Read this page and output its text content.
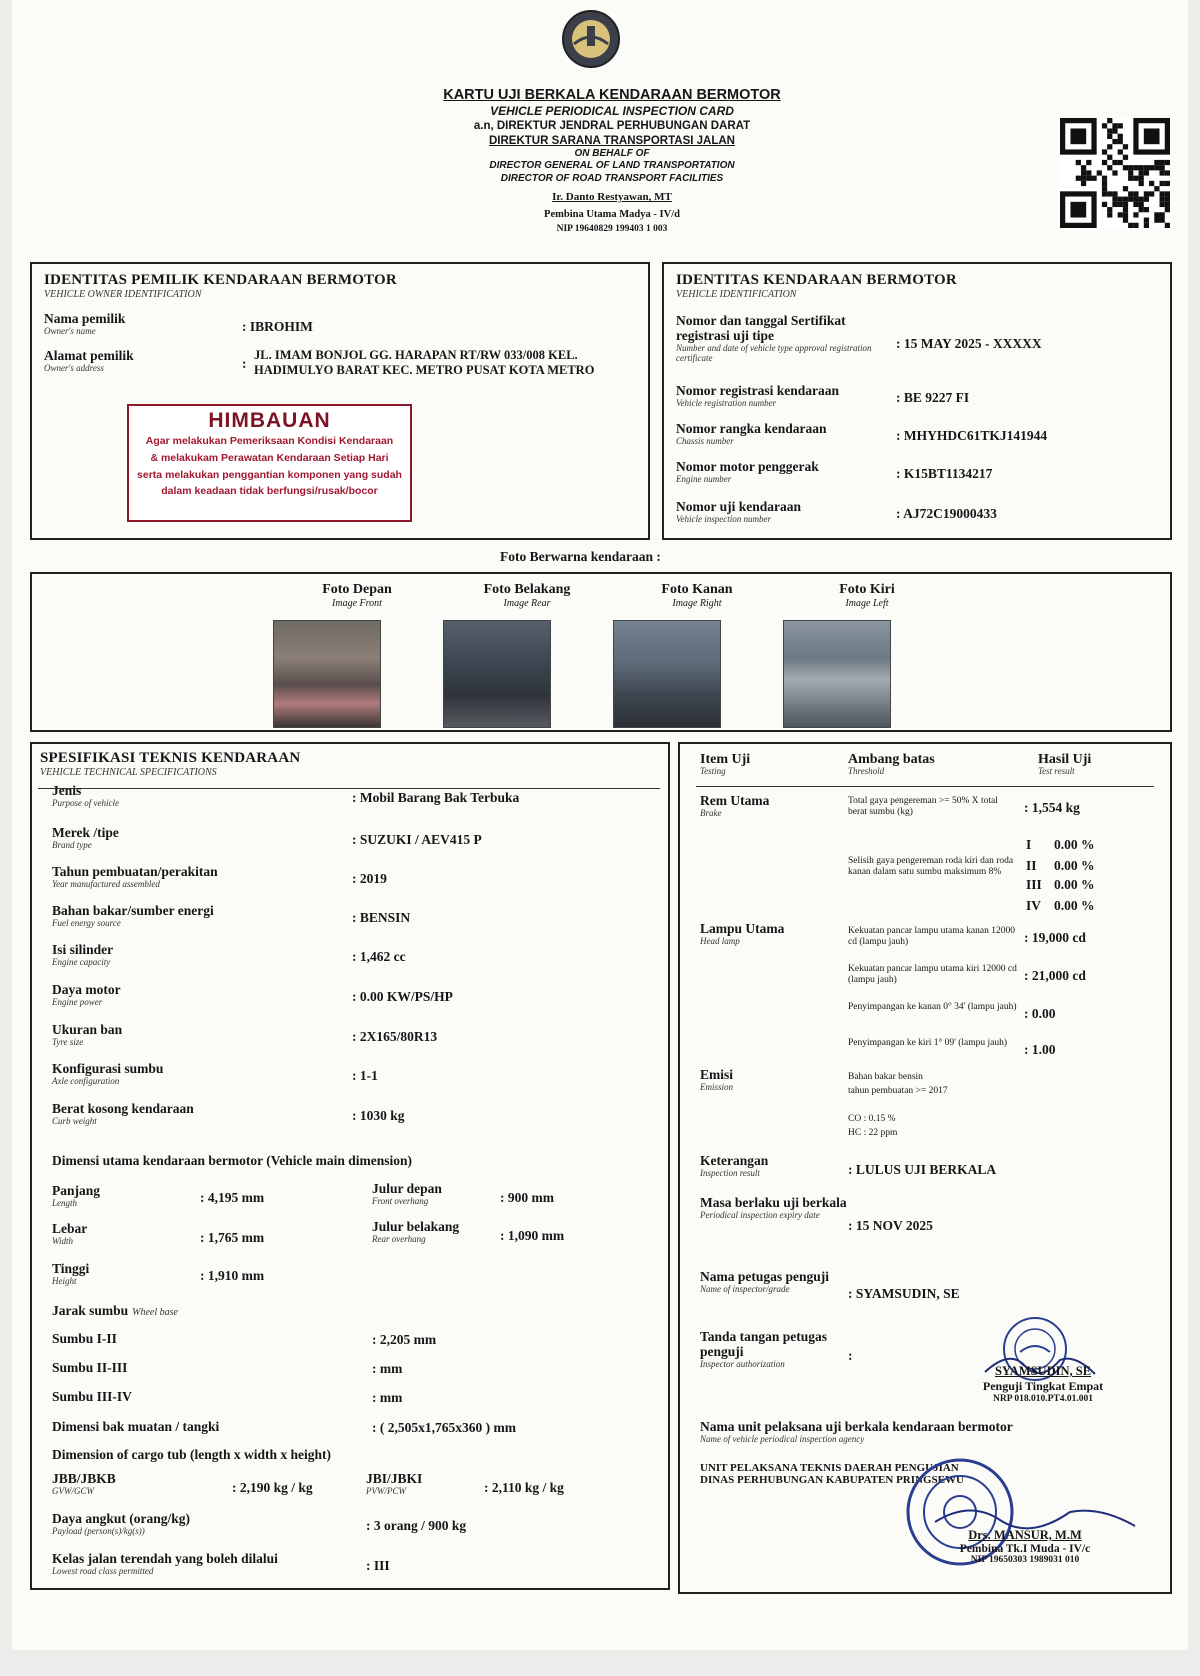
KARTU UJI BERKALA KENDARAAN BERMOTOR
VEHICLE PERIODICAL INSPECTION CARD
a.n, DIREKTUR JENDRAL PERHUBUNGAN DARAT
DIREKTUR SARANA TRANSPORTASI JALAN
ON BEHALF OF
DIRECTOR GENERAL OF LAND TRANSPORTATION
DIRECTOR OF ROAD TRANSPORT FACILITIES
Ir. Danto Restyawan, MT
Pembina Utama Madya - IV/d
NIP 19640829 199403 1 003
IDENTITAS PEMILIK KENDARAAN BERMOTOR
VEHICLE OWNER IDENTIFICATION
Nama pemilik
Owner's name	: IBROHIM
Alamat pemilik
Owner's address	:
JL. IMAM BONJOL GG. HARAPAN RT/RW 033/008 KEL. HADIMULYO BARAT KEC. METRO PUSAT KOTA METRO
HIMBAUAN
Agar melakukan Pemeriksaan Kondisi Kendaraan
& melakukam Perawatan Kendaraan Setiap Hari
serta melakukan penggantian komponen yang sudah
dalam keadaan tidak berfungsi/rusak/bocor
IDENTITAS KENDARAAN BERMOTOR
VEHICLE IDENTIFICATION
Nomor dan tanggal Sertifikat registrasi uji tipe
Number and date of vehicle type approval registration certificate
: 15 MAY 2025 - XXXXX
Nomor registrasi kendaraan
Vehicle registration number	: BE 9227 FI
Nomor rangka kendaraan
Chassis number	: MHYHDC61TKJ141944
Nomor motor penggerak
Engine number	: K15BT1134217
Nomor uji kendaraan
Vehicle inspection number	: AJ72C19000433
Foto Berwarna kendaraan :
Foto Depan
Image Front
Foto Belakang
Image Rear
Foto Kanan
Image Right
Foto Kiri
Image Left
SPESIFIKASI TEKNIS KENDARAAN
VEHICLE TECHNICAL SPECIFICATIONS
Jenis
Purpose of vehicle	: Mobil Barang Bak Terbuka
Merek /tipe
Brand type	: SUZUKI / AEV415 P
Tahun pembuatan/perakitan
Year manufactured assembled	: 2019
Bahan bakar/sumber energi
Fuel energy source	: BENSIN
Isi silinder
Engine capacity	: 1,462 cc
Daya motor
Engine power	: 0.00 KW/PS/HP
Ukuran ban
Tyre size	: 2X165/80R13
Konfigurasi sumbu
Axle configuration	: 1-1
Berat kosong kendaraan
Curb weight	: 1030 kg
Dimensi utama kendaraan bermotor (Vehicle main dimension)
Panjang
Length	: 4,195 mm
Julur depan
Front overhang	: 900 mm
Lebar
Width	: 1,765 mm
Julur belakang
Rear overhang	: 1,090 mm
Tinggi
Height	: 1,910 mm
Jarak sumbu Wheel base
Sumbu I-II	: 2,205 mm
Sumbu II-III	: mm
Sumbu III-IV	: mm
Dimensi bak muatan / tangki	: ( 2,505x1,765x360 ) mm
Dimension of cargo tub (length x width x height)
JBB/JBKB
GVW/GCW	: 2,190 kg / kg
JBI/JBKI
PVW/PCW	: 2,110 kg / kg
Daya angkut (orang/kg)
Payload (person(s)/kg(s))	: 3 orang / 900 kg
Kelas jalan terendah yang boleh dilalui
Lowest road class permitted	: III
Item Uji
Testing
Ambang batas
Threshold
Hasil Uji
Test result
Rem Utama
Brake
Total gaya pengereman >= 50% X total berat sumbu (kg)	: 1,554 kg
Selisih gaya pengereman roda kiri dan roda kanan dalam satu sumbu maksimum 8%
I 0.00 %
II 0.00 %
III 0.00 %
IV 0.00 %
Lampu Utama
Head lamp
Kekuatan pancar lampu utama kanan 12000 cd (lampu jauh)	: 19,000 cd
Kekuatan pancar lampu utama kiri 12000 cd (lampu jauh)	: 21,000 cd
Penyimpangan ke kanan 0° 34' (lampu jauh) : 0.00
Penyimpangan ke kiri 1° 09' (lampu jauh)	: 1.00
Emisi
Emission
Bahan bakar bensin
tahun pembuatan >= 2017
CO : 0.15 %
HC : 22 ppm
Keterangan
Inspection result	: LULUS UJI BERKALA
Masa berlaku uji berkala
Periodical inspection expiry date
: 15 NOV 2025
Nama petugas penguji
Name of inspector/grade	: SYAMSUDIN, SE
Tanda tangan petugas penguji
Inspector authorization
:
SYAMSUDIN, SE
Penguji Tingkat Empat
NRP 018.010.PT4.01.001
Nama unit pelaksana uji berkala kendaraan bermotor
Name of vehicle periodical inspection agency
UNIT PELAKSANA TEKNIS DAERAH PENGUJIAN
DINAS PERHUBUNGAN KABUPATEN PRINGSEWU
Drs. MANSUR, M.M
Pembina Tk.I Muda - IV/c
NIP 19650303 1989031 010
